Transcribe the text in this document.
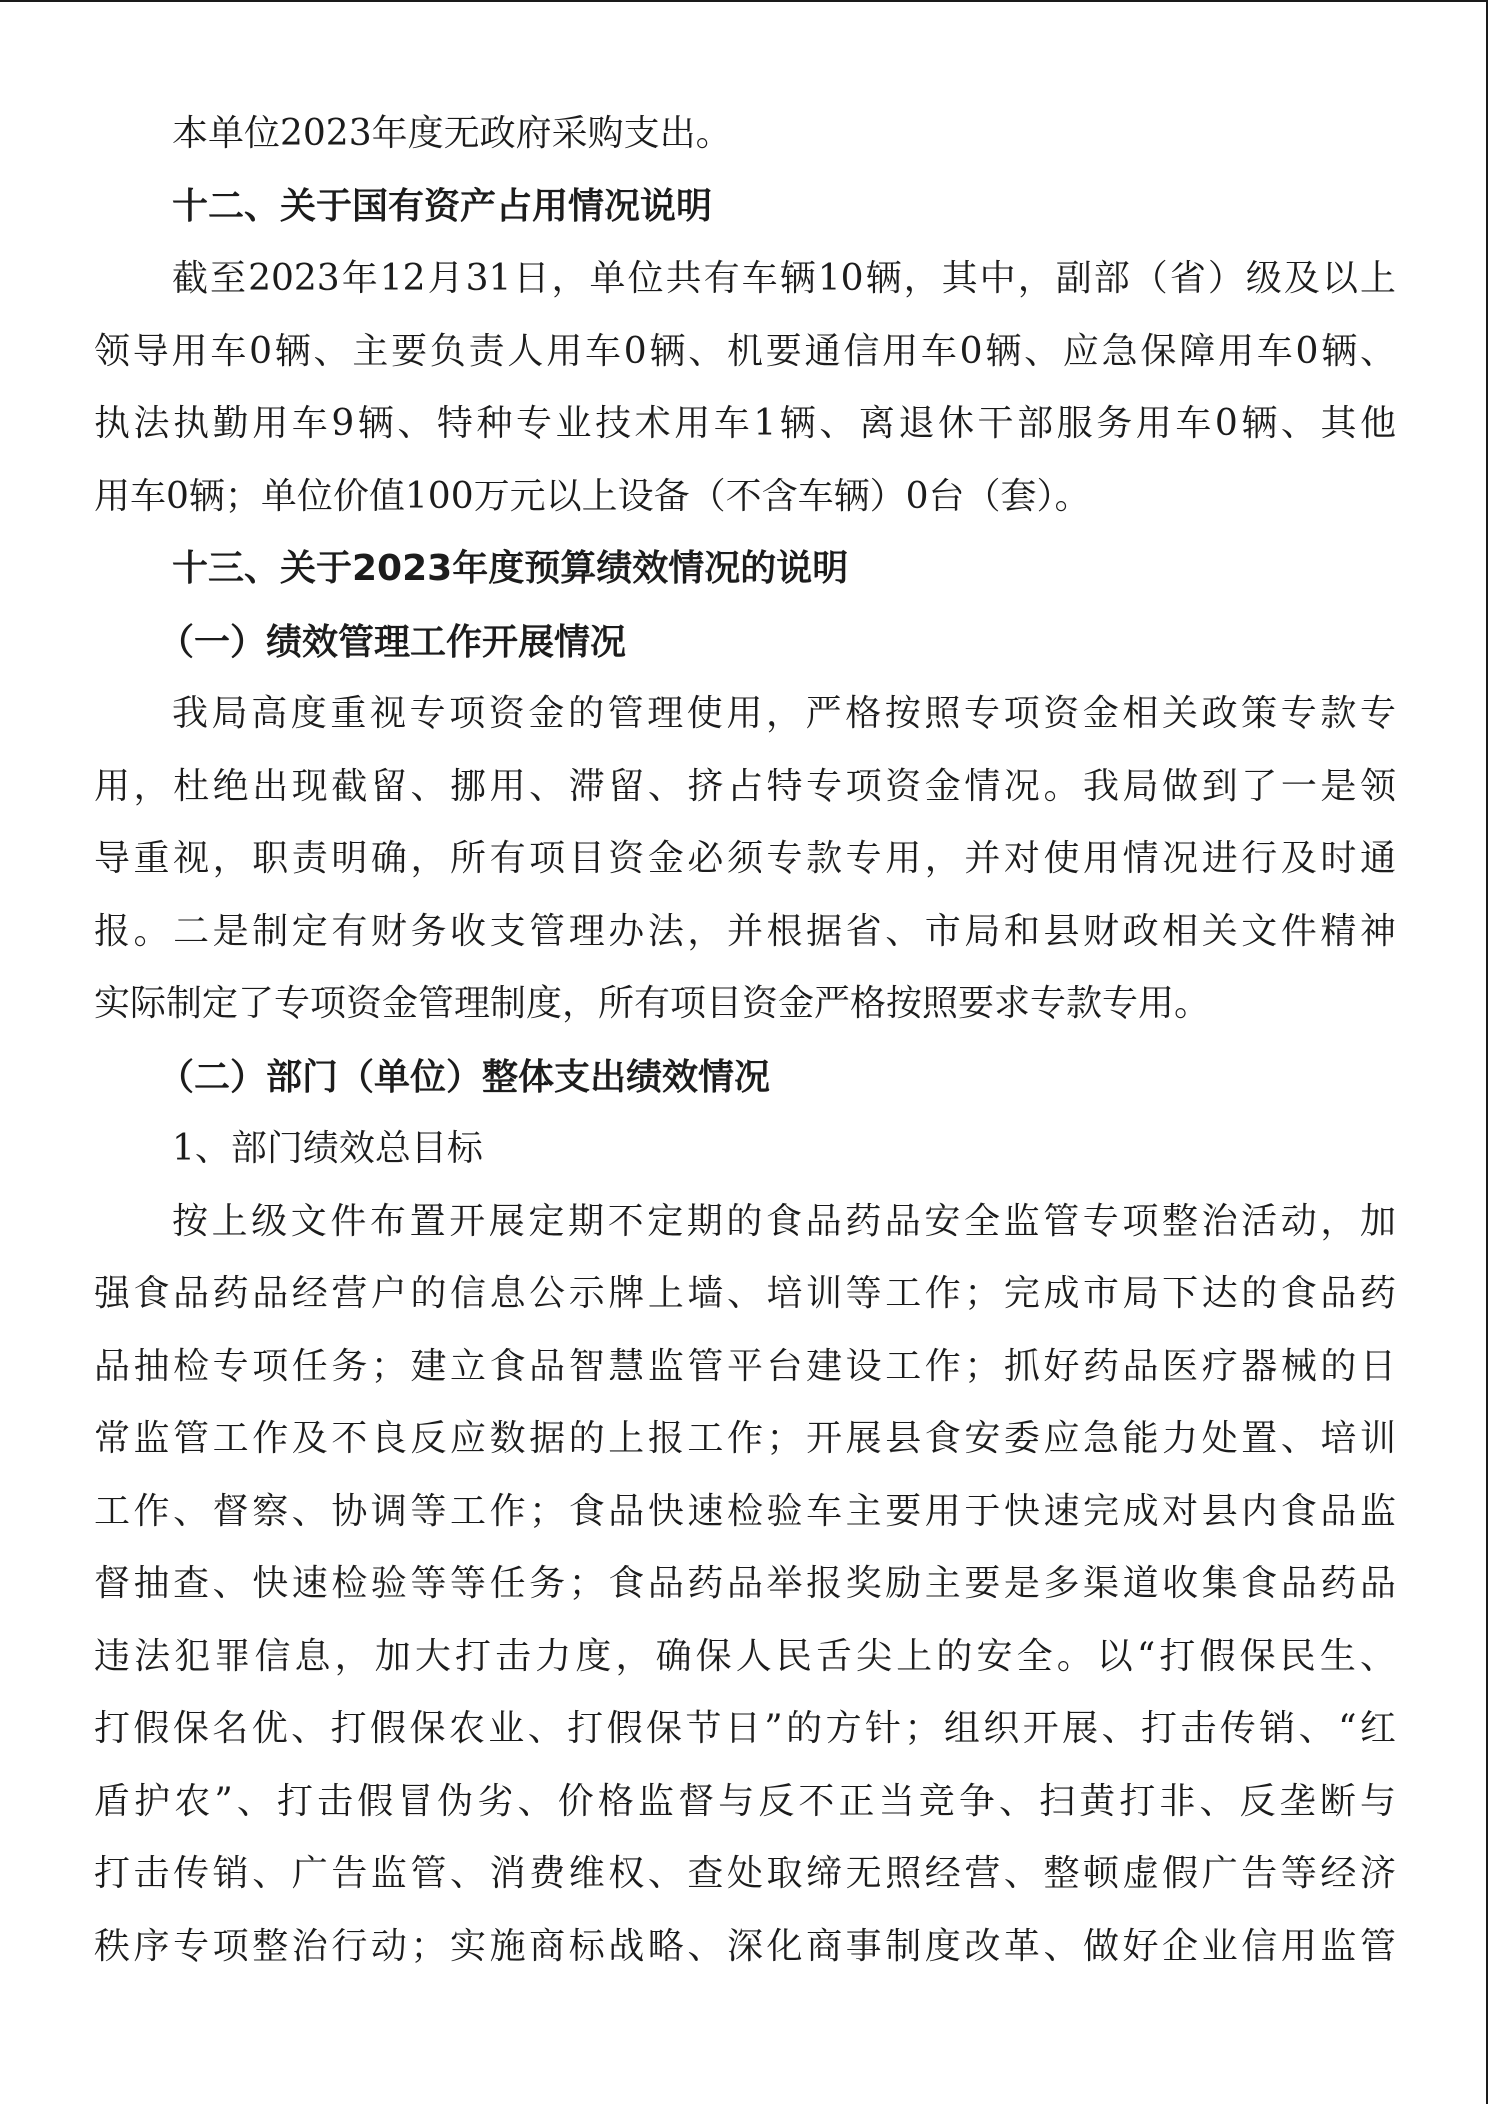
本单位2023年度无政府采购支出。
十二、关于国有资产占用情况说明
截至2023年12月31日，单位共有车辆10辆，其中，副部（省）级及以上
领导用车0辆、主要负责人用车0辆、机要通信用车0辆、应急保障用车0辆、
执法执勤用车9辆、特种专业技术用车1辆、离退休干部服务用车0辆、其他
用车0辆；单位价值100万元以上设备（不含车辆）0台（套）。
十三、关于2023年度预算绩效情况的说明
（一）绩效管理工作开展情况
我局高度重视专项资金的管理使用，严格按照专项资金相关政策专款专
用，杜绝出现截留、挪用、滞留、挤占特专项资金情况。我局做到了一是领
导重视，职责明确，所有项目资金必须专款专用，并对使用情况进行及时通
报。二是制定有财务收支管理办法，并根据省、市局和县财政相关文件精神
实际制定了专项资金管理制度，所有项目资金严格按照要求专款专用。
（二）部门（单位）整体支出绩效情况
1、部门绩效总目标
按上级文件布置开展定期不定期的食品药品安全监管专项整治活动，加
强食品药品经营户的信息公示牌上墙、培训等工作；完成市局下达的食品药
品抽检专项任务；建立食品智慧监管平台建设工作；抓好药品医疗器械的日
常监管工作及不良反应数据的上报工作；开展县食安委应急能力处置、培训
工作、督察、协调等工作；食品快速检验车主要用于快速完成对县内食品监
督抽查、快速检验等等任务；食品药品举报奖励主要是多渠道收集食品药品
违法犯罪信息，加大打击力度，确保人民舌尖上的安全。以“打假保民生、
打假保名优、打假保农业、打假保节日”的方针；组织开展、打击传销、“红
盾护农”、打击假冒伪劣、价格监督与反不正当竞争、扫黄打非、反垄断与
打击传销、广告监管、消费维权、查处取缔无照经营、整顿虚假广告等经济
秩序专项整治行动；实施商标战略、深化商事制度改革、做好企业信用监管
